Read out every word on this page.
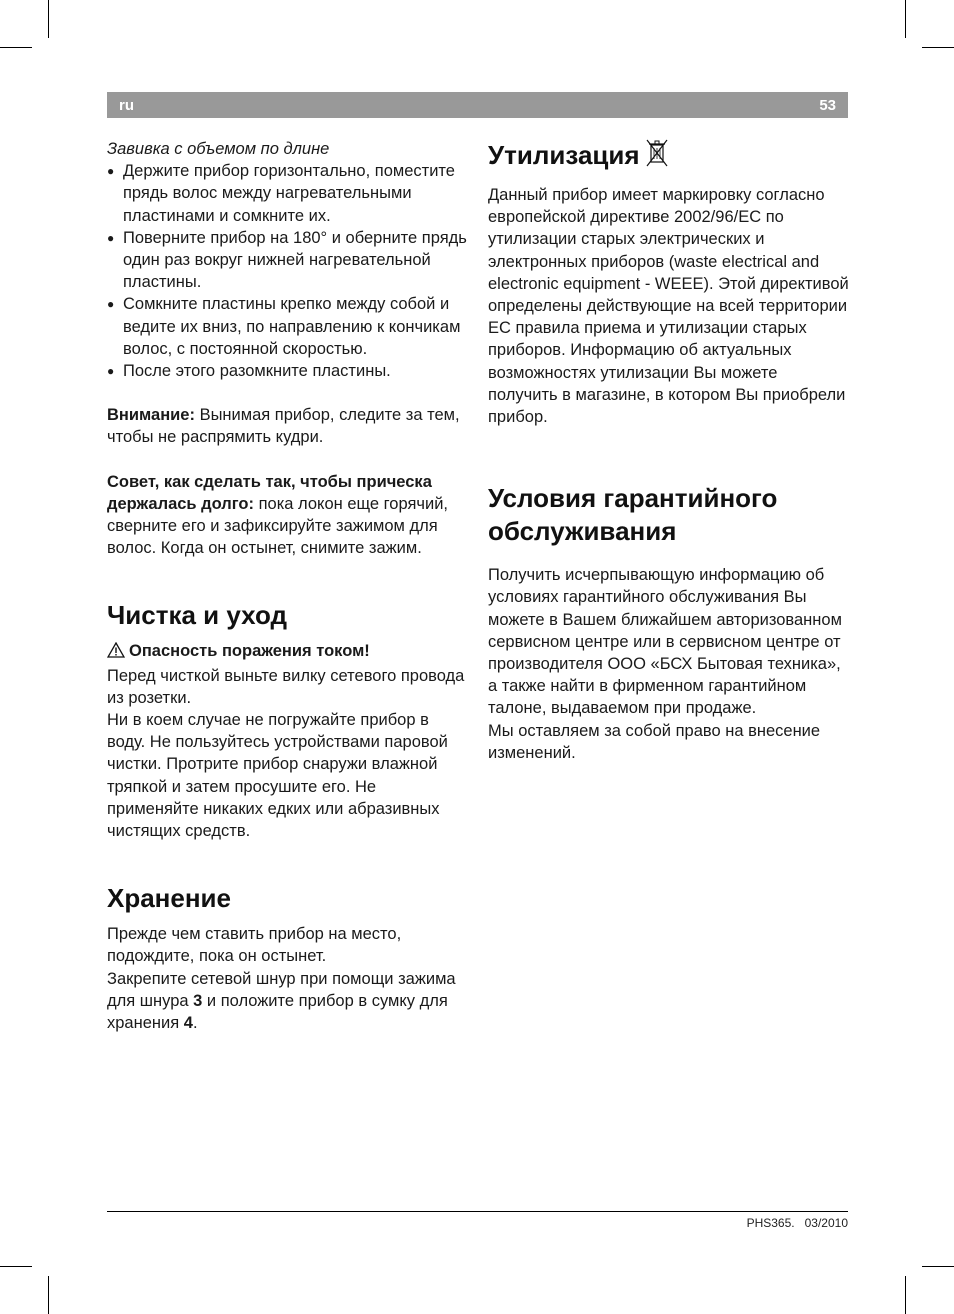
ru	53

Завивка с объемом по длине

● Держите прибор горизонтально, поместите прядь волос между нагревательными пластинами и сомкните их.
● Поверните прибор на 180° и оберните прядь один раз вокруг нижней нагревательной пластины.
● Сомкните пластины крепко между собой и ведите их вниз, по направлению к кончикам волос, с постоянной скоростью.
● После этого разомкните пластины.

Внимание: Вынимая прибор, следите за тем, чтобы не распрямить кудри.

Совет, как сделать так, чтобы прическа держалась долго: пока локон еще горячий, сверните его и зафиксируйте зажимом для волос. Когда он остынет, снимите зажим.

Чистка и уход

Опасность поражения током!

Перед чисткой выньте вилку сетевого провода из розетки.

Ни в коем случае не погружайте прибор в воду. Не пользуйтесь устройствами паровой чистки. Протрите прибор снаружи влажной тряпкой и затем просушите его. Не применяйте никаких едких или абразивных чистящих средств.

Хранение

Прежде чем ставить прибор на место, подождите, пока он остынет.

Закрепите сетевой шнур при помощи зажима для шнура 3 и положите прибор в сумку для хранения 4.

Утилизация

Данный прибор имеет маркировку согласно европейской директиве 2002/96/ЕС по утилизации старых электрических и электронных приборов (waste electrical and electronic equipment - WEEE). Этой директивой определены действующие на всей территории ЕС правила приема и утилизации старых приборов. Информацию об актуальных возможностях утилизации Вы можете получить в магазине, в котором Вы приобрели прибор.

Условия гарантийного обслуживания

Получить исчерпывающую информацию об условиях гарантийного обслуживания Вы можете в Вашем ближайшем авторизованном сервисном центре или в сервисном центре от производителя ООО «БСХ Бытовая техника», а также найти в фирменном гарантийном талоне, выдаваемом при продаже.

Мы оставляем за собой право на внесение изменений.

PHS365. 03/2010
